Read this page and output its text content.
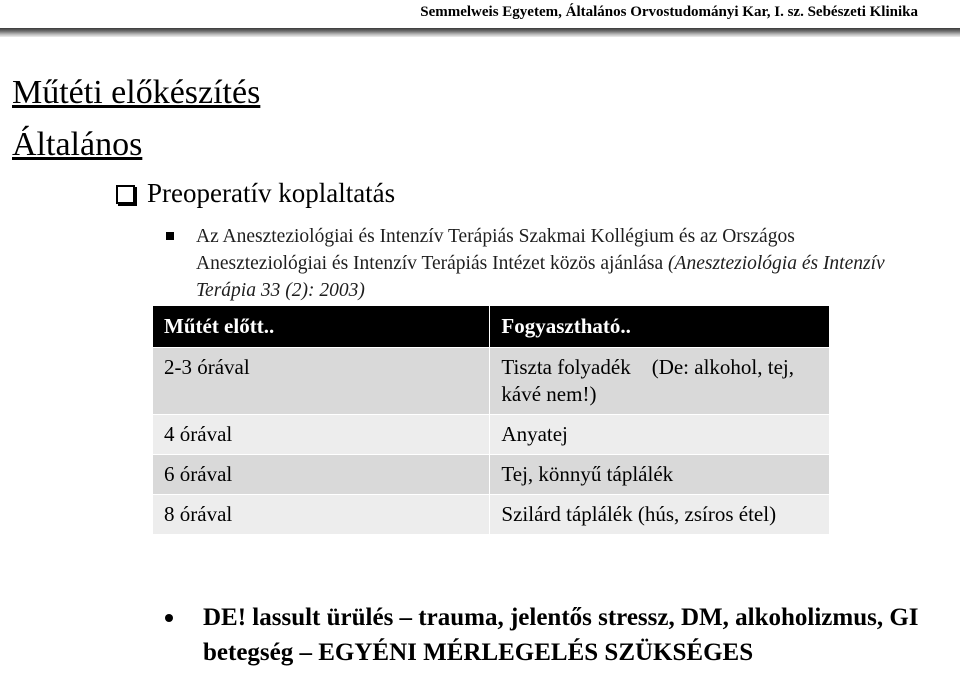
Semmelweis Egyetem, Általános Orvostudományi Kar, I. sz. Sebészeti Klinika
Műtéti előkészítés
Általános
Preoperatív koplaltatás
Az Aneszteziológiai és Intenzív Terápiás Szakmai Kollégium és az Országos Aneszteziológiai és Intenzív Terápiás Intézet közös ajánlása (Aneszteziológia és Intenzív Terápia 33 (2): 2003)
Műtét előtt..	Fogyasztható..
2-3 órával	Tiszta folyadék    (De: alkohol, tej, kávé nem!)
4 órával	Anyatej
6 órával	Tej, könnyű táplálék
8 órával	Szilárd táplálék (hús, zsíros étel)
DE! lassult ürülés – trauma, jelentős stressz, DM, alkoholizmus, GI betegség – EGYÉNI MÉRLEGELÉS SZÜKSÉGES
